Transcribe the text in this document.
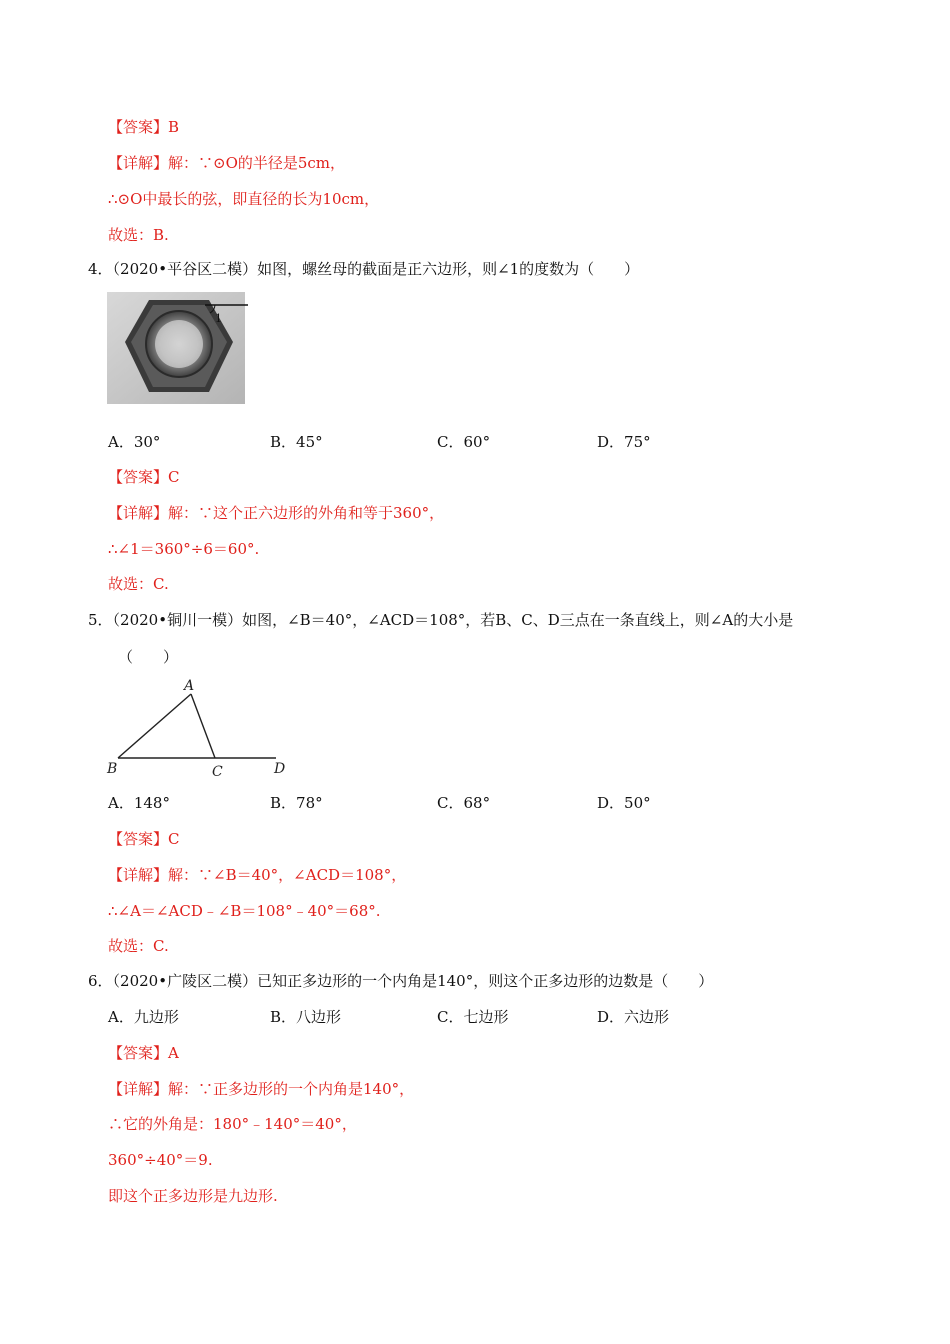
【答案】B
【详解】解：∵⊙O的半径是5cm，
∴⊙O中最长的弦，即直径的长为10cm，
故选：B.
4．（2020•平谷区二模）如图，螺丝母的截面是正六边形，则∠1的度数为（　　）
1
A．30°	B．45°	C．60°	D．75°
【答案】C
【详解】解：∵这个正六边形的外角和等于360°，
∴∠1＝360°÷6＝60°.
故选：C.
5．（2020•铜川一模）如图，∠B＝40°，∠ACD＝108°，若B、C、D三点在一条直线上，则∠A的大小是
（　　）
A
B	C	D
A．148°	B．78°	C．68°	D．50°
【答案】C
【详解】解：∵∠B＝40°，∠ACD＝108°，
∴∠A＝∠ACD﹣∠B＝108°﹣40°＝68°.
故选：C.
6．（2020•广陵区二模）已知正多边形的一个内角是140°，则这个正多边形的边数是（　　）
A．九边形	B．八边形	C．七边形	D．六边形
【答案】A
【详解】解：∵正多边形的一个内角是140°，
∴它的外角是：180°﹣140°＝40°，
360°÷40°＝9.
即这个正多边形是九边形.
